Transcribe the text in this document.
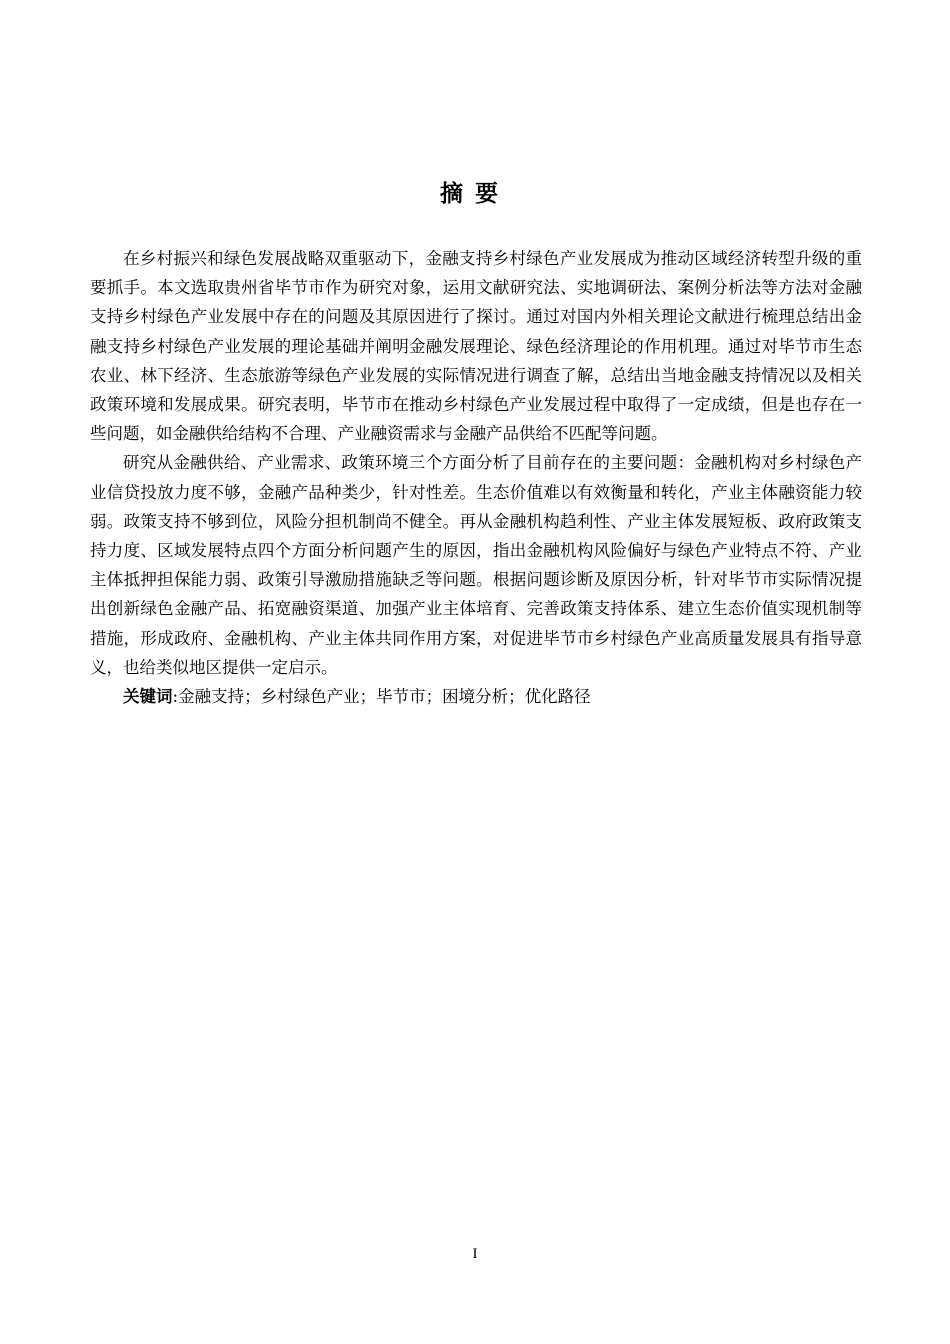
摘要

在乡村振兴和绿色发展战略双重驱动下，金融支持乡村绿色产业发展成为推动区域经济转型升级的重要抓手。本文选取贵州省毕节市作为研究对象，运用文献研究法、实地调研法、案例分析法等方法对金融支持乡村绿色产业发展中存在的问题及其原因进行了探讨。通过对国内外相关理论文献进行梳理总结出金融支持乡村绿色产业发展的理论基础并阐明金融发展理论、绿色经济理论的作用机理。通过对毕节市生态农业、林下经济、生态旅游等绿色产业发展的实际情况进行调查了解，总结出当地金融支持情况以及相关政策环境和发展成果。研究表明，毕节市在推动乡村绿色产业发展过程中取得了一定成绩，但是也存在一些问题，如金融供给结构不合理、产业融资需求与金融产品供给不匹配等问题。

研究从金融供给、产业需求、政策环境三个方面分析了目前存在的主要问题：金融机构对乡村绿色产业信贷投放力度不够，金融产品种类少，针对性差。生态价值难以有效衡量和转化，产业主体融资能力较弱。政策支持不够到位，风险分担机制尚不健全。再从金融机构趋利性、产业主体发展短板、政府政策支持力度、区域发展特点四个方面分析问题产生的原因，指出金融机构风险偏好与绿色产业特点不符、产业主体抵押担保能力弱、政策引导激励措施缺乏等问题。根据问题诊断及原因分析，针对毕节市实际情况提出创新绿色金融产品、拓宽融资渠道、加强产业主体培育、完善政策支持体系、建立生态价值实现机制等措施，形成政府、金融机构、产业主体共同作用方案，对促进毕节市乡村绿色产业高质量发展具有指导意义，也给类似地区提供一定启示。

关键词:金融支持；乡村绿色产业；毕节市；困境分析；优化路径

I
